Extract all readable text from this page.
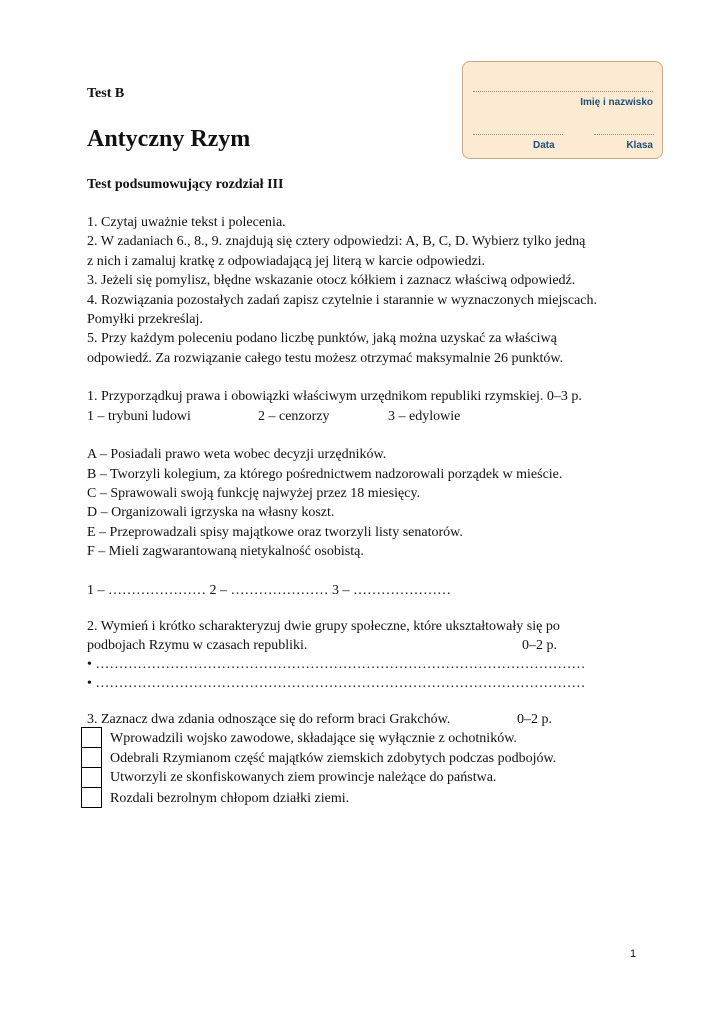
Test B
Antyczny Rzym
Test podsumowujący rozdział III
Imię i nazwisko
Data	Klasa
1. Czytaj uważnie tekst i polecenia.
2. W zadaniach 6., 8., 9. znajdują się cztery odpowiedzi: A, B, C, D. Wybierz tylko jedną
z nich i zamaluj kratkę z odpowiadającą jej literą w karcie odpowiedzi.
3. Jeżeli się pomylisz, błędne wskazanie otocz kółkiem i zaznacz właściwą odpowiedź.
4. Rozwiązania pozostałych zadań zapisz czytelnie i starannie w wyznaczonych miejscach.
Pomyłki przekreślaj.
5. Przy każdym poleceniu podano liczbę punktów, jaką można uzyskać za właściwą
odpowiedź. Za rozwiązanie całego testu możesz otrzymać maksymalnie 26 punktów.
1. Przyporządkuj prawa i obowiązki właściwym urzędnikom republiki rzymskiej. 0–3 p.
1 – trybuni ludowi	2 – cenzorzy	3 – edylowie
A – Posiadali prawo weta wobec decyzji urzędników.
B – Tworzyli kolegium, za którego pośrednictwem nadzorowali porządek w mieście.
C – Sprawowali swoją funkcję najwyżej przez 18 miesięcy.
D – Organizowali igrzyska na własny koszt.
E – Przeprowadzali spisy majątkowe oraz tworzyli listy senatorów.
F – Mieli zagwarantowaną nietykalność osobistą.
1 – ………………… 2 – ………………… 3 – …………………
2. Wymień i krótko scharakteryzuj dwie grupy społeczne, które ukształtowały się po
podbojach Rzymu w czasach republiki.	0–2 p.
• ……………………………………………………………………………………………
• ……………………………………………………………………………………………
3. Zaznacz dwa zdania odnoszące się do reform braci Grakchów.	0–2 p.
Wprowadzili wojsko zawodowe, składające się wyłącznie z ochotników.
Odebrali Rzymianom część majątków ziemskich zdobytych podczas podbojów.
Utworzyli ze skonfiskowanych ziem prowincje należące do państwa.
Rozdali bezrolnym chłopom działki ziemi.
1
